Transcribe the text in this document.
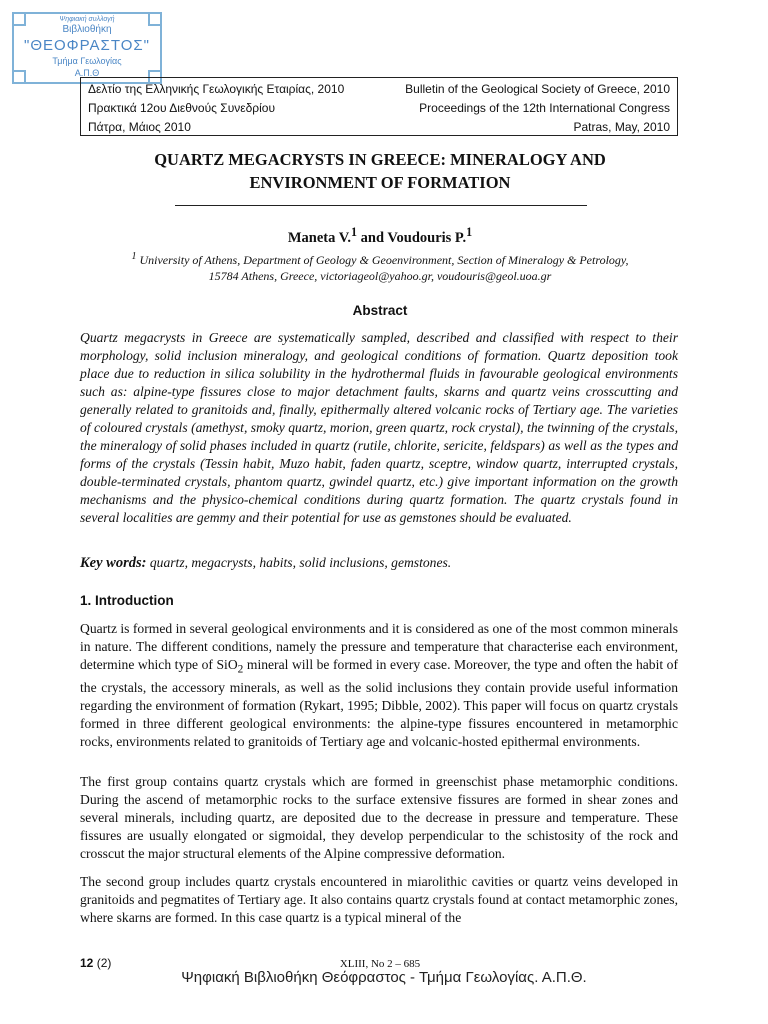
Ψηφιακή συλλογή
Βιβλιοθήκη
"ΘΕΟΦΡΑΣΤΟΣ"
Τμήμα Γεωλογίας
Α.Π.Θ
Δελτίο της Ελληνικής Γεωλογικής Εταιρίας, 2010
Πρακτικά 12ου Διεθνούς Συνεδρίου
Πάτρα, Μάιος 2010
Bulletin of the Geological Society of Greece, 2010
Proceedings of the 12th International Congress
Patras, May, 2010
QUARTZ MEGACRYSTS IN GREECE: MINERALOGY AND
ENVIRONMENT OF FORMATION
Maneta V.$^1$ and Voudouris P.$^1$
$^1$ University of Athens, Department of Geology & Geoenvironment, Section of Mineralogy & Petrology,
15784 Athens, Greece, victoriageol@yahoo.gr, voudouris@geol.uoa.gr
Abstract

Quartz megacrysts in Greece are systematically sampled, described and classified with respect to their morphology, solid inclusion mineralogy, and geological conditions of formation. Quartz deposition took place due to reduction in silica solubility in the hydrothermal fluids in favourable geological environments such as: alpine-type fissures close to major detachment faults, skarns and quartz veins crosscutting and generally related to granitoids and, finally, epithermally altered volcanic rocks of Tertiary age. The varieties of coloured crystals (amethyst, smoky quartz, morion, green quartz, rock crystal), the twinning of the crystals, the mineralogy of solid phases included in quartz (rutile, chlorite, sericite, feldspars) as well as the types and forms of the crystals (Tessin habit, Muzo habit, faden quartz, sceptre, window quartz, interrupted crystals, double-terminated crystals, phantom quartz, gwindel quartz, etc.) give important information on the growth mechanisms and the physico-chemical conditions during quartz formation. The quartz crystals found in several localities are gemmy and their potential for use as gemstones should be evaluated.

Key words: quartz, megacrysts, habits, solid inclusions, gemstones.
1. Introduction

Quartz is formed in several geological environments and it is considered as one of the most common minerals in nature. The different conditions, namely the pressure and temperature that characterise each environment, determine which type of SiO$_2$ mineral will be formed in every case. Moreover, the type and often the habit of the crystals, the accessory minerals, as well as the solid inclusions they contain provide useful information regarding the environment of formation (Rykart, 1995; Dibble, 2002). This paper will focus on quartz crystals formed in three different geological environments: the alpine-type fissures encountered in metamorphic rocks, environments related to granitoids of Tertiary age and volcanic-hosted epithermal environments.

The first group contains quartz crystals which are formed in greenschist phase metamorphic conditions. During the ascend of metamorphic rocks to the surface extensive fissures are formed in shear zones and several minerals, including quartz, are deposited due to the decrease in pressure and temperature. These fissures are usually elongated or sigmoidal, they develop perpendicular to the schistosity of the rock and crosscut the major structural elements of the Alpine compressive deformation.

The second group includes quartz crystals encountered in miarolithic cavities or quartz veins developed in granitoids and pegmatites of Tertiary age. It also contains quartz crystals found at contact metamorphic zones, where skarns are formed. In this case quartz is a typical mineral of the

12 (2)	XLIII, No 2 – 685
Ψηφιακή Βιβλιοθήκη Θεόφραστος - Τμήμα Γεωλογίας. Α.Π.Θ.
